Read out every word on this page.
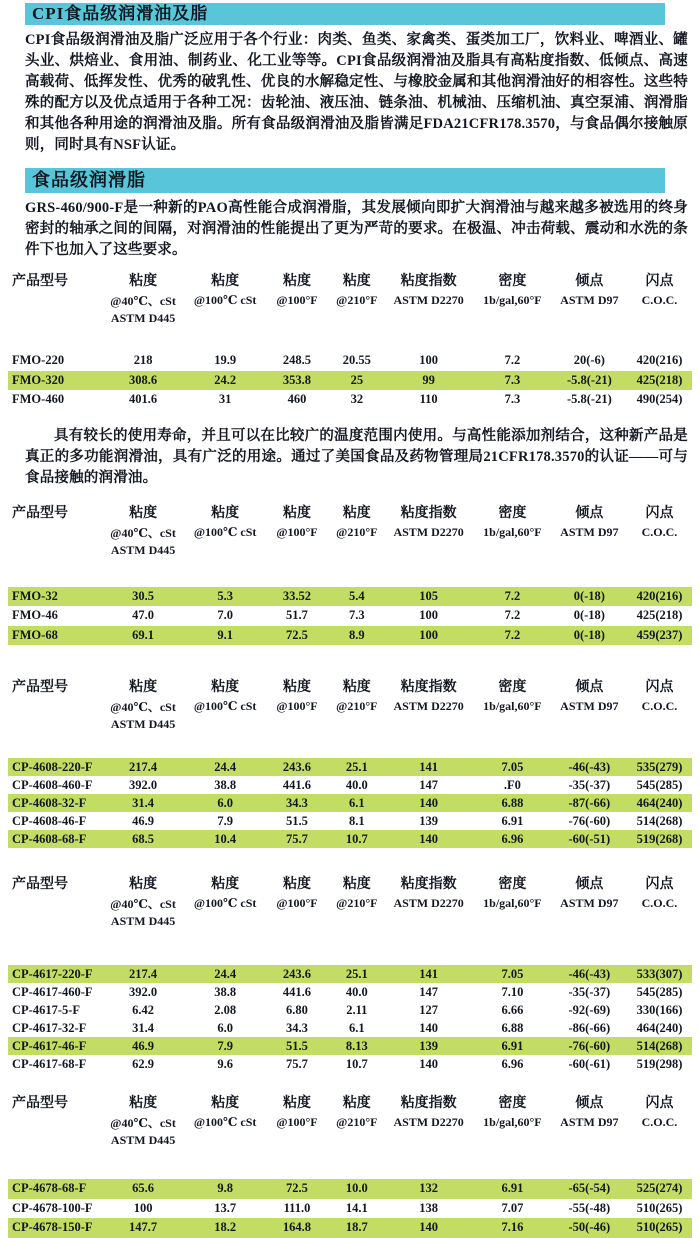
CPI食品级润滑油及脂

CPI食品级润滑油及脂广泛应用于各个行业：肉类、鱼类、家禽类、蛋类加工厂，饮料业、啤酒业、罐头业、烘焙业、食用油、制药业、化工业等等。CPI食品级润滑油及脂具有高粘度指数、低倾点、高速高载荷、低挥发性、优秀的破乳性、优良的水解稳定性、与橡胶金属和其他润滑油好的相容性。这些特殊的配方以及优点适用于各种工况：齿轮油、液压油、链条油、机械油、压缩机油、真空泵浦、润滑脂和其他各种用途的润滑油及脂。所有食品级润滑油及脂皆满足FDA21CFR178.3570，与食品偶尔接触原则，同时具有NSF认证。

食品级润滑脂

GRS-460/900-F是一种新的PAO高性能合成润滑脂，其发展倾向即扩大润滑油与越来越多被选用的终身密封的轴承之间的间隔，对润滑油的性能提出了更为严苛的要求。在极温、冲击荷载、震动和水洗的条件下也加入了这些要求。

产品型号	粘度	粘度	粘度	粘度	粘度指数	密度	倾点	闪点
	@40℃、cSt	@100℃ cSt	@100°F	@210°F	ASTM D2270	1b/gal,60°F	ASTM D97	C.O.C.
	ASTM D445							

FMO-220	218	19.9	248.5	20.55	100	7.2	20(-6)	420(216)
FMO-320	308.6	24.2	353.8	25	99	7.3	-5.8(-21)	425(218)
FMO-460	401.6	31	460	32	110	7.3	-5.8(-21)	490(254)

具有较长的使用寿命，并且可以在比较广的温度范围内使用。与高性能添加剂结合，这种新产品是真正的多功能润滑油，具有广泛的用途。通过了美国食品及药物管理局21CFR178.3570的认证——可与食品接触的润滑油。

产品型号	粘度	粘度	粘度	粘度	粘度指数	密度	倾点	闪点
	@40℃、cSt	@100℃ cSt	@100°F	@210°F	ASTM D2270	1b/gal,60°F	ASTM D97	C.O.C.
	ASTM D445							

FMO-32	30.5	5.3	33.52	5.4	105	7.2	0(-18)	420(216)
FMO-46	47.0	7.0	51.7	7.3	100	7.2	0(-18)	425(218)
FMO-68	69.1	9.1	72.5	8.9	100	7.2	0(-18)	459(237)
产品型号	粘度	粘度	粘度	粘度	粘度指数	密度	倾点	闪点
	@40℃、cSt	@100℃ cSt	@100°F	@210°F	ASTM D2270	1b/gal,60°F	ASTM D97	C.O.C.
	ASTM D445							

CP-4608-220-F	217.4	24.4	243.6	25.1	141	7.05	-46(-43)	535(279)
CP-4608-460-F	392.0	38.8	441.6	40.0	147	.F0	-35(-37)	545(285)
CP-4608-32-F	31.4	6.0	34.3	6.1	140	6.88	-87(-66)	464(240)
CP-4608-46-F	46.9	7.9	51.5	8.1	139	6.91	-76(-60)	514(268)
CP-4608-68-F	68.5	10.4	75.7	10.7	140	6.96	-60(-51)	519(268)
产品型号	粘度	粘度	粘度	粘度	粘度指数	密度	倾点	闪点
	@40℃、cSt	@100℃ cSt	@100°F	@210°F	ASTM D2270	1b/gal,60°F	ASTM D97	C.O.C.
	ASTM D445							

CP-4617-220-F	217.4	24.4	243.6	25.1	141	7.05	-46(-43)	533(307)
CP-4617-460-F	392.0	38.8	441.6	40.0	147	7.10	-35(-37)	545(285)
CP-4617-5-F	6.42	2.08	6.80	2.11	127	6.66	-92(-69)	330(166)
CP-4617-32-F	31.4	6.0	34.3	6.1	140	6.88	-86(-66)	464(240)
CP-4617-46-F	46.9	7.9	51.5	8.13	139	6.91	-76(-60)	514(268)
CP-4617-68-F	62.9	9.6	75.7	10.7	140	6.96	-60(-61)	519(298)
产品型号	粘度	粘度	粘度	粘度	粘度指数	密度	倾点	闪点
	@40℃、cSt	@100℃ cSt	@100°F	@210°F	ASTM D2270	1b/gal,60°F	ASTM D97	C.O.C.
	ASTM D445							

CP-4678-68-F	65.6	9.8	72.5	10.0	132	6.91	-65(-54)	525(274)
CP-4678-100-F	100	13.7	111.0	14.1	138	7.07	-55(-48)	510(265)
CP-4678-150-F	147.7	18.2	164.8	18.7	140	7.16	-50(-46)	510(265)
